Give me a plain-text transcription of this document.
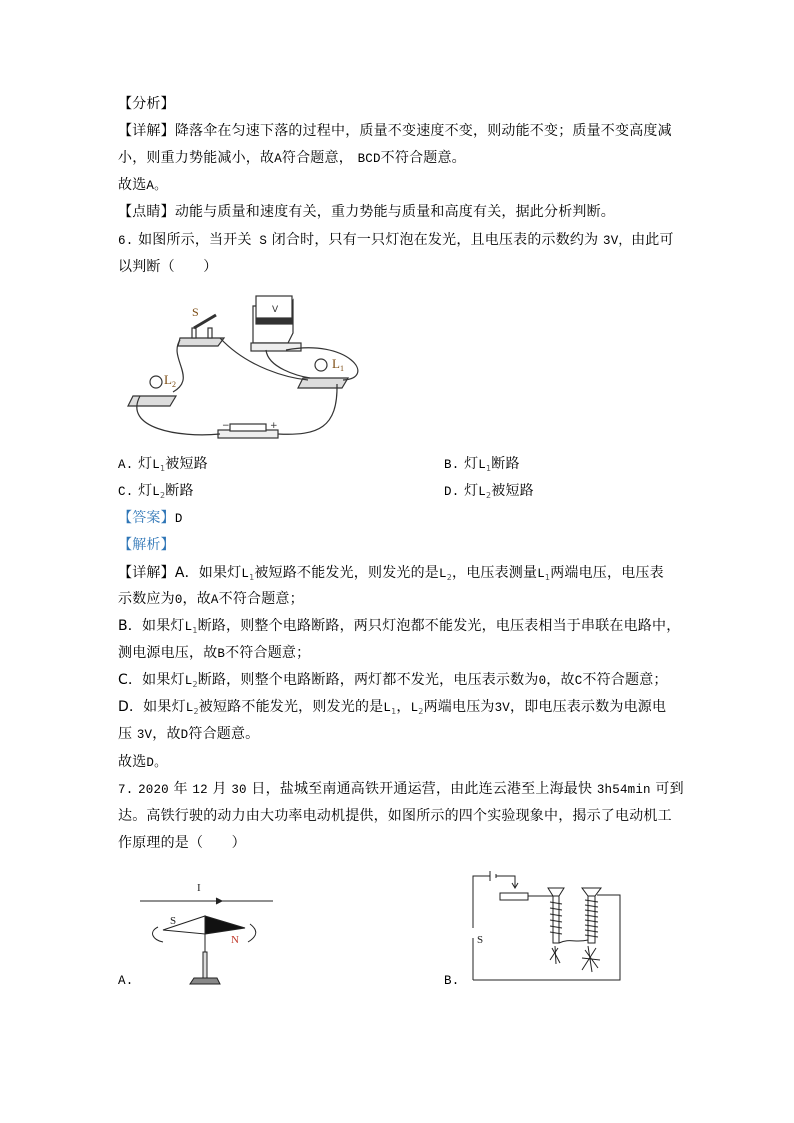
【分析】
【详解】降落伞在匀速下落的过程中，质量不变速度不变，则动能不变；质量不变高度减
小，则重力势能减小，故A符合题意， BCD不符合题意。
故选A。
【点睛】动能与质量和速度有关，重力势能与质量和高度有关，据此分析判断。
6. 如图所示，当开关 S 闭合时，只有一只灯泡在发光，且电压表的示数约为 3V，由此可
以判断（　　）
S	V
$L_2$
$L_1$
−	+
A. 灯$L_1$被短路	B. 灯$L_1$断路
C. 灯$L_2$断路	D. 灯$L_2$被短路
【答案】D
【解析】
【详解】A．如果灯$L_1$被短路不能发光，则发光的是$L_2$，电压表测量$L_1$两端电压，电压表
示数应为0，故A不符合题意；
B．如果灯$L_1$断路，则整个电路断路，两只灯泡都不能发光，电压表相当于串联在电路中，
测电源电压，故B不符合题意；
C．如果灯$L_2$断路，则整个电路断路，两灯都不发光，电压表示数为0，故C不符合题意；
D．如果灯$L_2$被短路不能发光，则发光的是$L_1$，$L_2$两端电压为3V，即电压表示数为电源电
压 3V，故D符合题意。
故选D。
7. 2020 年 12 月 30 日，盐城至南通高铁开通运营，由此连云港至上海最快 3h54min 可到
达。高铁行驶的动力由大功率电动机提供，如图所示的四个实验现象中，揭示了电动机工
作原理的是（　　）
I
S
N
A.
S
B.
